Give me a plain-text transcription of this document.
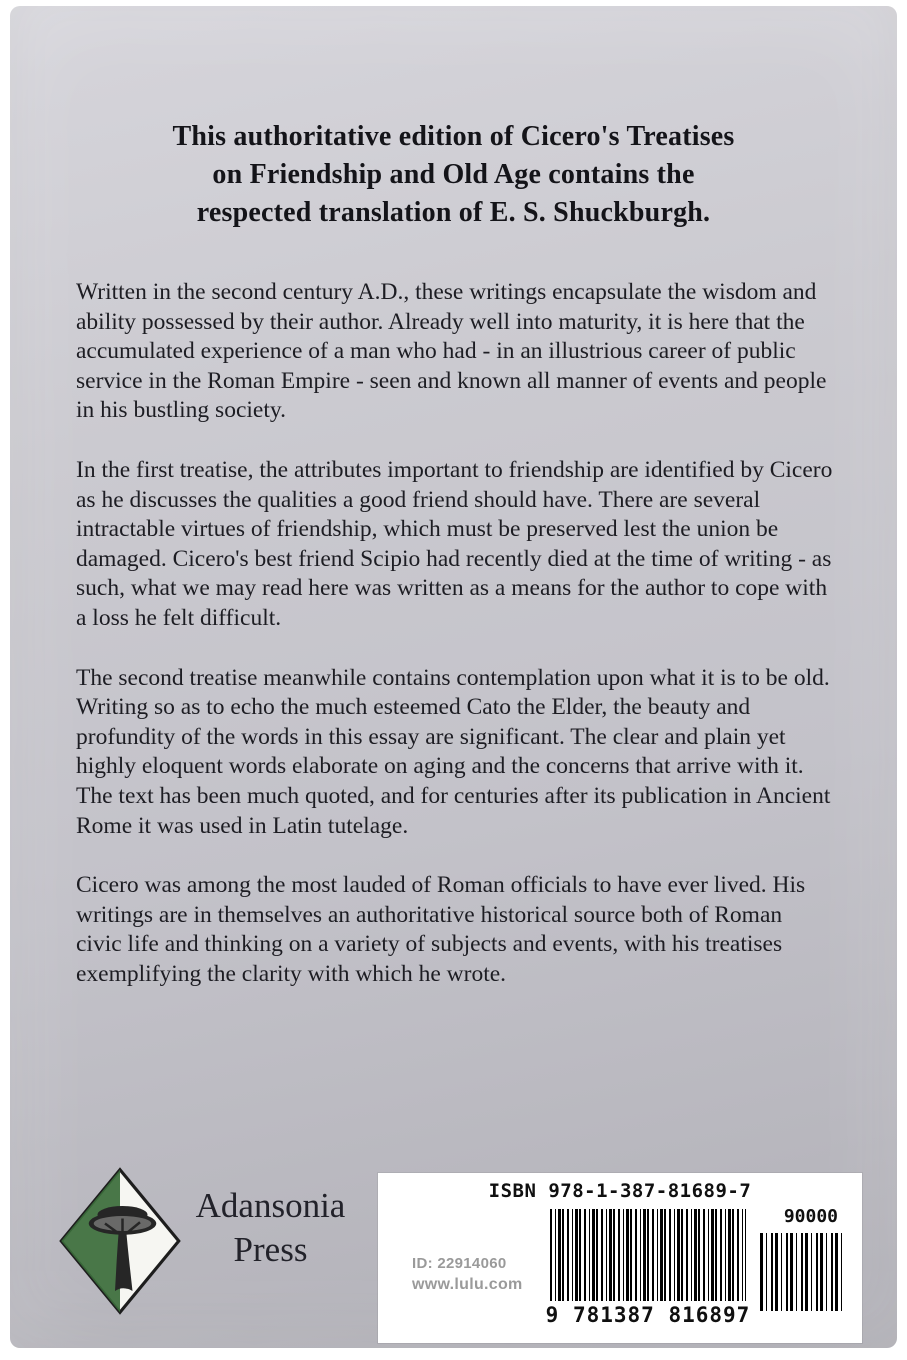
This authoritative edition of Cicero's Treatises
on Friendship and Old Age contains the
respected translation of E. S. Shuckburgh.

Written in the second century A.D., these writings encapsulate the wisdom and ability possessed by their author. Already well into maturity, it is here that the accumulated experience of a man who had - in an illustrious career of public service in the Roman Empire - seen and known all manner of events and people in his bustling society.

In the first treatise, the attributes important to friendship are identified by Cicero as he discusses the qualities a good friend should have. There are several intractable virtues of friendship, which must be preserved lest the union be damaged. Cicero's best friend Scipio had recently died at the time of writing - as such, what we may read here was written as a means for the author to cope with a loss he felt difficult.

The second treatise meanwhile contains contemplation upon what it is to be old. Writing so as to echo the much esteemed Cato the Elder, the beauty and profundity of the words in this essay are significant. The clear and plain yet highly eloquent words elaborate on aging and the concerns that arrive with it. The text has been much quoted, and for centuries after its publication in Ancient Rome it was used in Latin tutelage.

Cicero was among the most lauded of Roman officials to have ever lived. His writings are in themselves an authoritative historical source both of Roman civic life and thinking on a variety of subjects and events, with his treatises exemplifying the clarity with which he wrote.

Adansonia
Press
ISBN 978-1-387-81689-7
90000
9 781387 816897
ID: 22914060
www.lulu.com
